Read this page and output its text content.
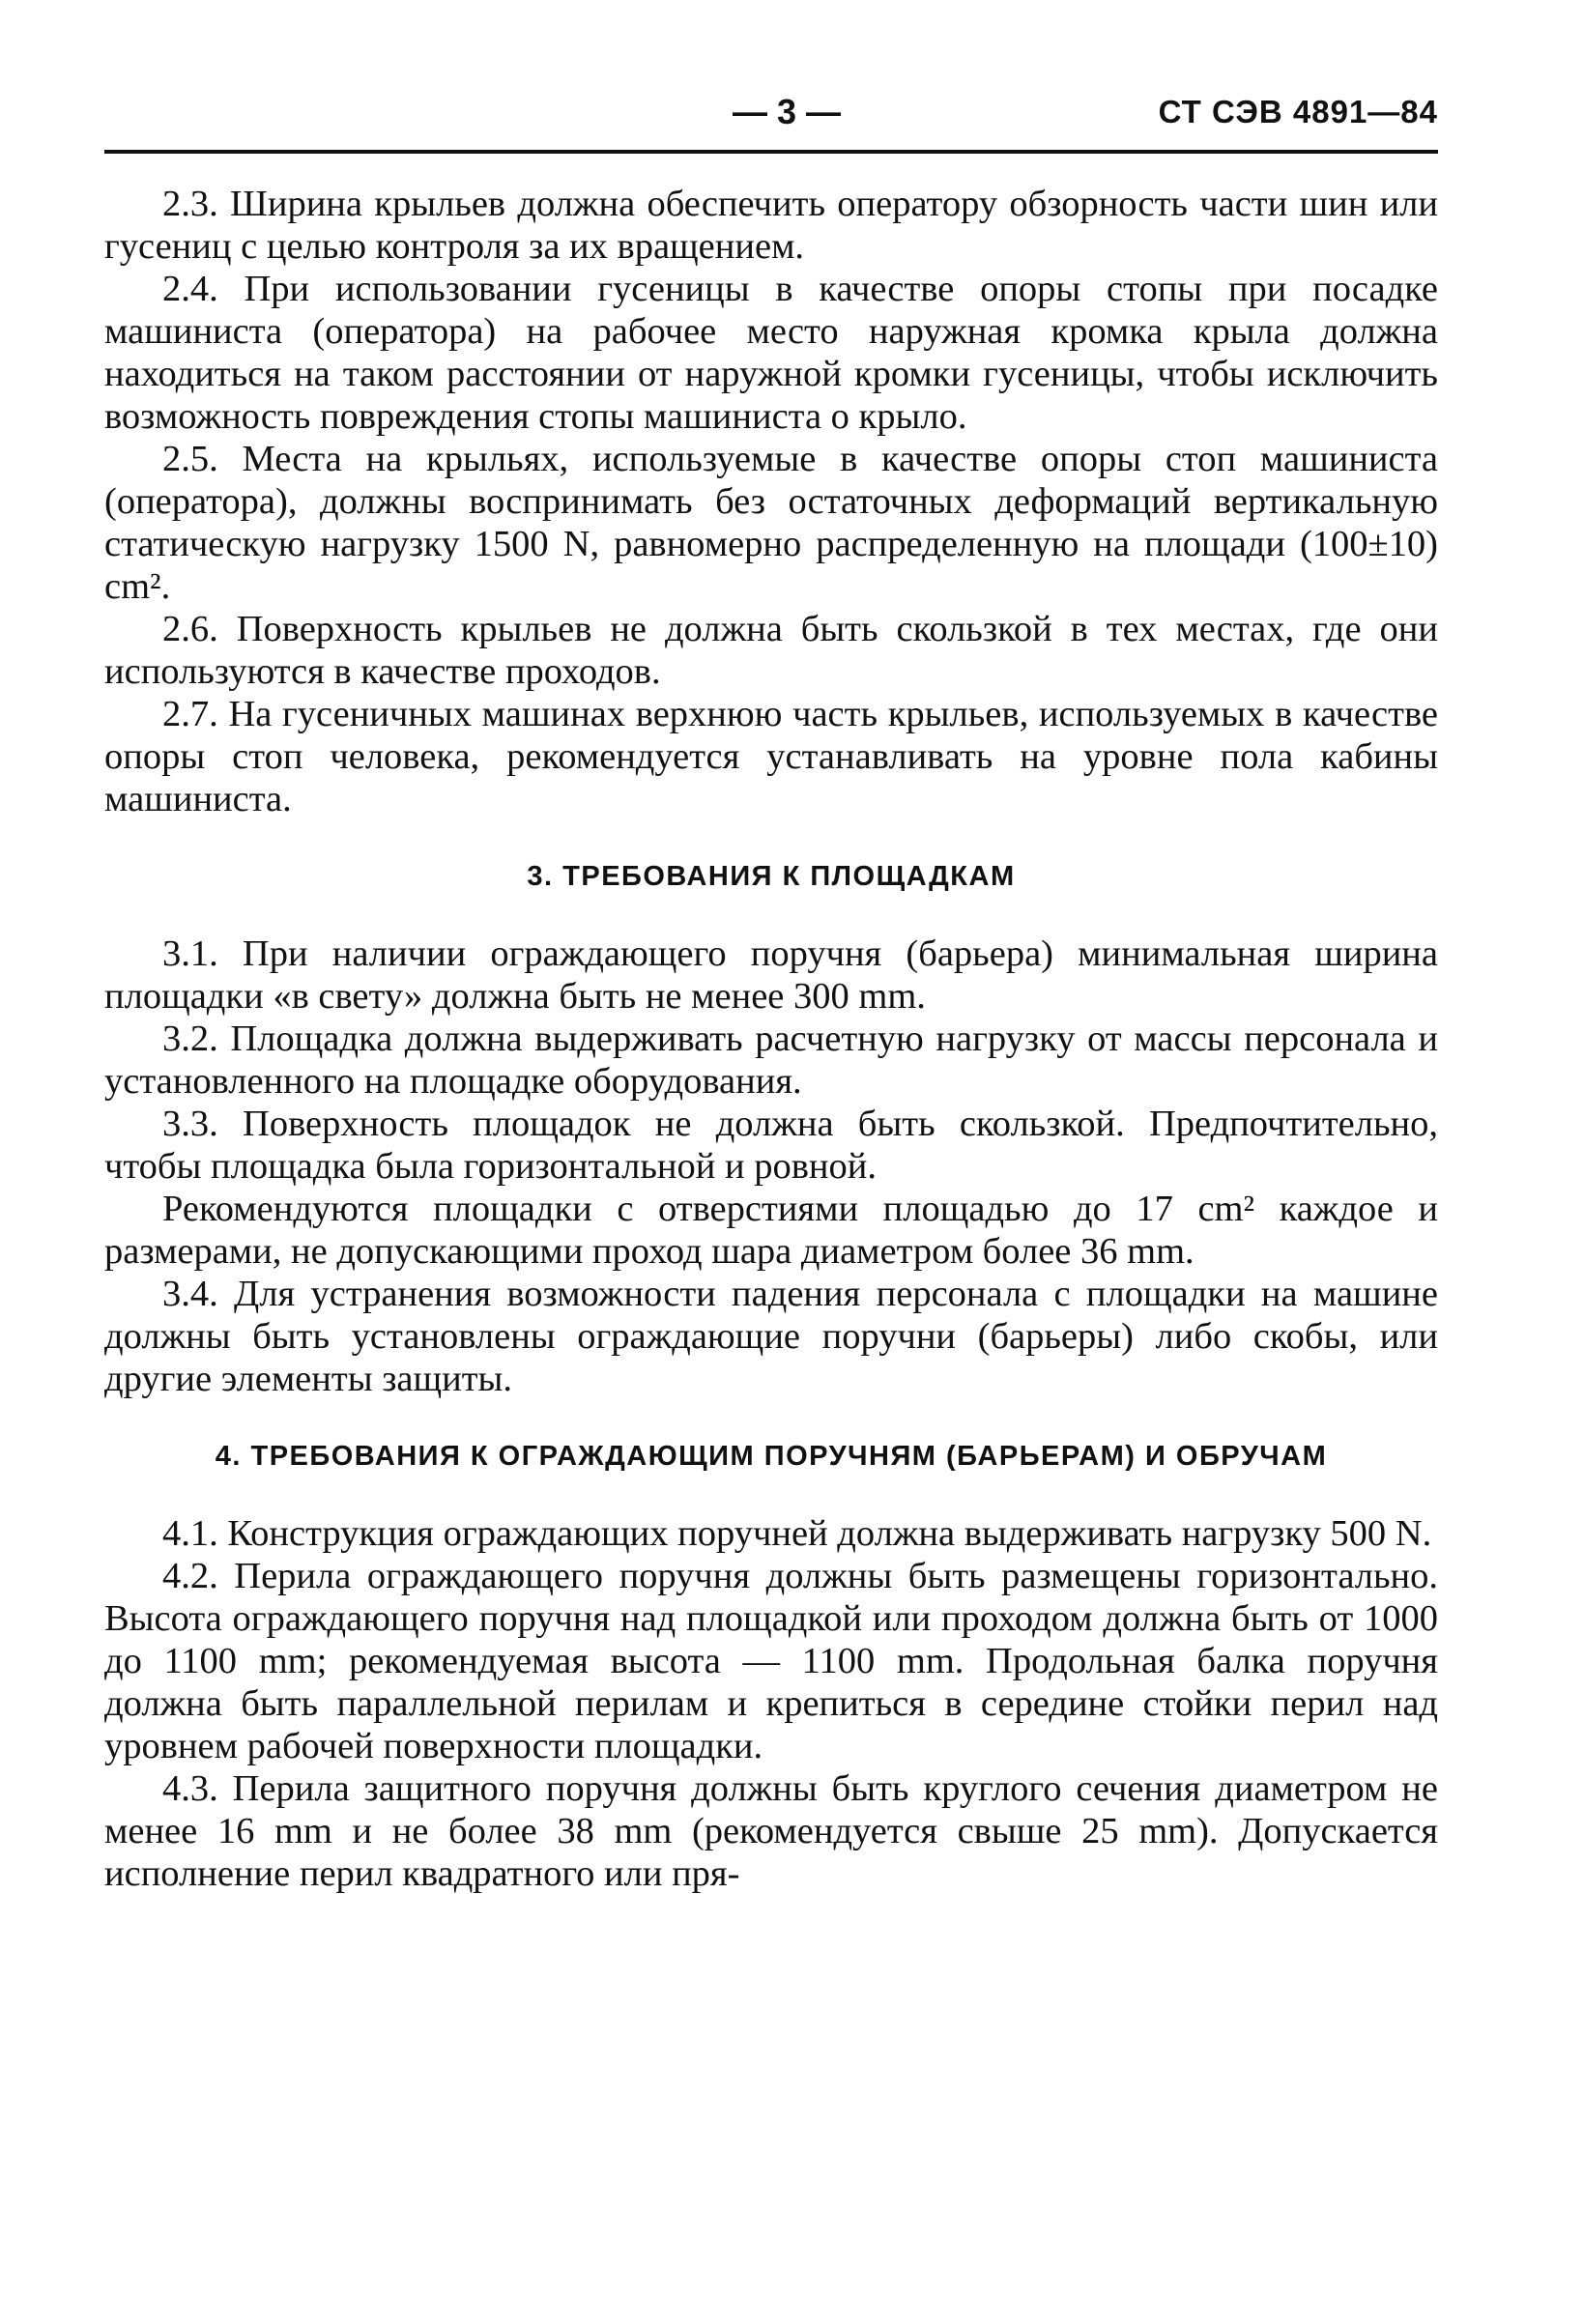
— 3 —	СТ СЭВ 4891—84

2.3. Ширина крыльев должна обеспечить оператору обзорность части шин или гусениц с целью контроля за их вращением.

2.4. При использовании гусеницы в качестве опоры стопы при посадке машиниста (оператора) на рабочее место наружная кромка крыла должна находиться на таком расстоянии от наружной кромки гусеницы, чтобы исключить возможность повреждения стопы машиниста о крыло.

2.5. Места на крыльях, используемые в качестве опоры стоп машиниста (оператора), должны воспринимать без остаточных деформаций вертикальную статическую нагрузку 1500 N, равномерно распределенную на площади (100±10) cm².

2.6. Поверхность крыльев не должна быть скользкой в тех местах, где они используются в качестве проходов.

2.7. На гусеничных машинах верхнюю часть крыльев, используемых в качестве опоры стоп человека, рекомендуется устанавливать на уровне пола кабины машиниста.

3. ТРЕБОВАНИЯ К ПЛОЩАДКАМ

3.1. При наличии ограждающего поручня (барьера) минимальная ширина площадки «в свету» должна быть не менее 300 mm.

3.2. Площадка должна выдерживать расчетную нагрузку от массы персонала и установленного на площадке оборудования.

3.3. Поверхность площадок не должна быть скользкой. Предпочтительно, чтобы площадка была горизонтальной и ровной.

Рекомендуются площадки с отверстиями площадью до 17 cm² каждое и размерами, не допускающими проход шара диаметром более 36 mm.

3.4. Для устранения возможности падения персонала с площадки на машине должны быть установлены ограждающие поручни (барьеры) либо скобы, или другие элементы защиты.

4. ТРЕБОВАНИЯ К ОГРАЖДАЮЩИМ ПОРУЧНЯМ (БАРЬЕРАМ) И ОБРУЧАМ

4.1. Конструкция ограждающих поручней должна выдерживать нагрузку 500 N.

4.2. Перила ограждающего поручня должны быть размещены горизонтально. Высота ограждающего поручня над площадкой или проходом должна быть от 1000 до 1100 mm; рекомендуемая высота — 1100 mm. Продольная балка поручня должна быть параллельной перилам и крепиться в середине стойки перил над уровнем рабочей поверхности площадки.

4.3. Перила защитного поручня должны быть круглого сечения диаметром не менее 16 mm и не более 38 mm (рекомендуется свыше 25 mm). Допускается исполнение перил квадратного или пря-
